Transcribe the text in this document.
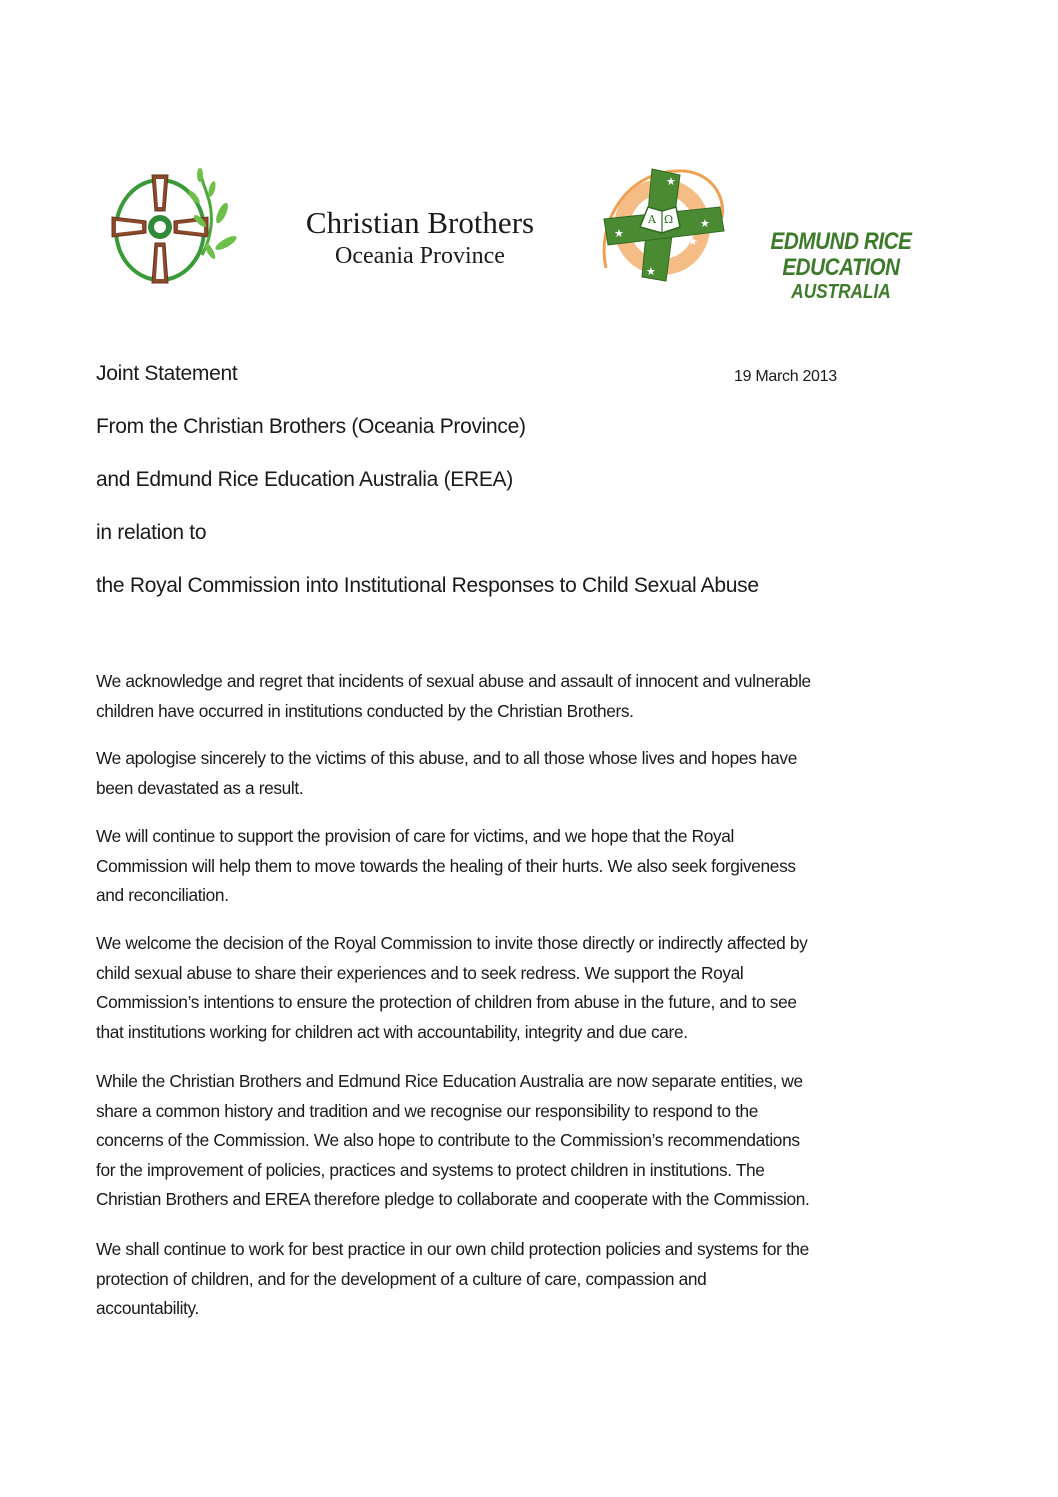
Christian Brothers
Oceania Province
★
★
★
★
★
A Ω
EDMUND RICE EDUCATION
AUSTRALIA
Joint Statement	19 March 2013
From the Christian Brothers (Oceania Province)
and Edmund Rice Education Australia (EREA)
in relation to
the Royal Commission into Institutional Responses to Child Sexual Abuse

We acknowledge and regret that incidents of sexual abuse and assault of innocent and vulnerable
children have occurred in institutions conducted by the Christian Brothers.

We apologise sincerely to the victims of this abuse, and to all those whose lives and hopes have
been devastated as a result.

We will continue to support the provision of care for victims, and we hope that the Royal
Commission will help them to move towards the healing of their hurts. We also seek forgiveness
and reconciliation.

We welcome the decision of the Royal Commission to invite those directly or indirectly affected by
child sexual abuse to share their experiences and to seek redress. We support the Royal
Commission’s intentions to ensure the protection of children from abuse in the future, and to see
that institutions working for children act with accountability, integrity and due care.

While the Christian Brothers and Edmund Rice Education Australia are now separate entities, we
share a common history and tradition and we recognise our responsibility to respond to the
concerns of the Commission. We also hope to contribute to the Commission’s recommendations
for the improvement of policies, practices and systems to protect children in institutions. The
Christian Brothers and EREA therefore pledge to collaborate and cooperate with the Commission.

We shall continue to work for best practice in our own child protection policies and systems for the
protection of children, and for the development of a culture of care, compassion and
accountability.
